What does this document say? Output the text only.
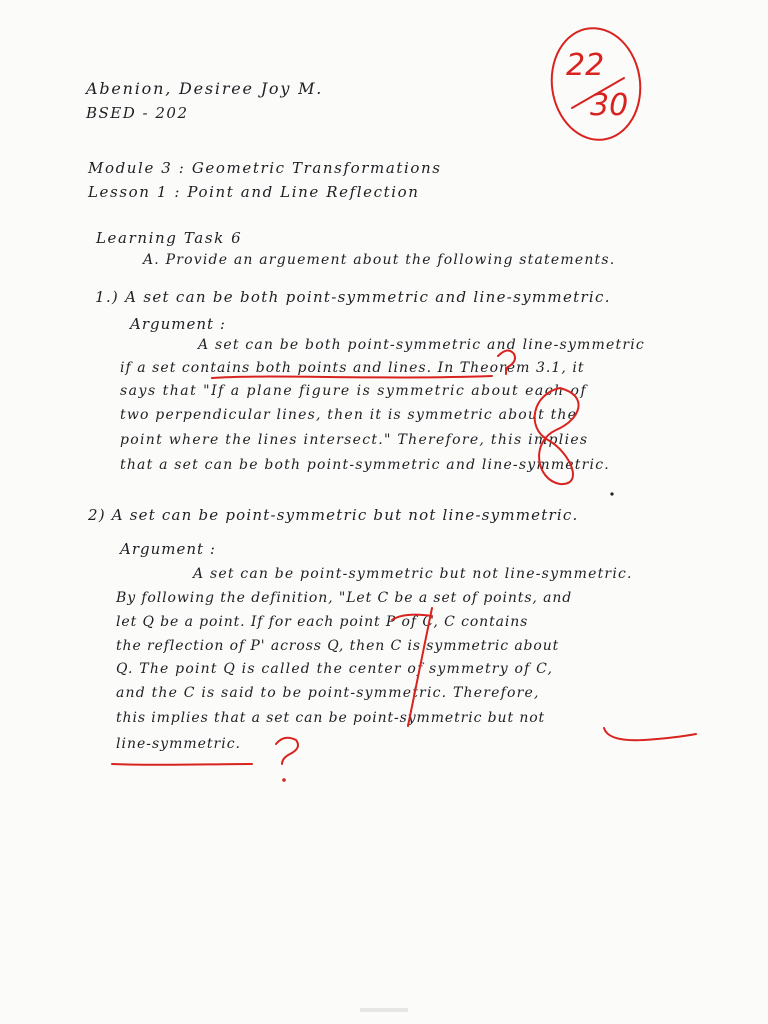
Abenion, Desiree Joy M.
BSED - 202
Module 3 : Geometric Transformations
Lesson 1 : Point and Line Reflection
Learning Task 6
A. Provide an arguement about the following statements.
1.) A set can be both point-symmetric and line-symmetric.
Argument :
A set can be both point-symmetric and line-symmetric
if a set contains both points and lines. In Theorem 3.1, it
says that "If a plane figure is symmetric about each of
two perpendicular lines, then it is symmetric about the
point where the lines intersect." Therefore, this implies
that a set can be both point-symmetric and line-symmetric.
2) A set can be point-symmetric but not line-symmetric.
Argument :
A set can be point-symmetric but not line-symmetric.
By following the definition, "Let C be a set of points, and
let Q be a point. If for each point P of C, C contains
the reflection of P' across Q, then C is symmetric about
Q. The point Q is called the center of symmetry of C,
and the C is said to be point-symmetric. Therefore,
this implies that a set can be point-symmetric but not
line-symmetric.
22
30
